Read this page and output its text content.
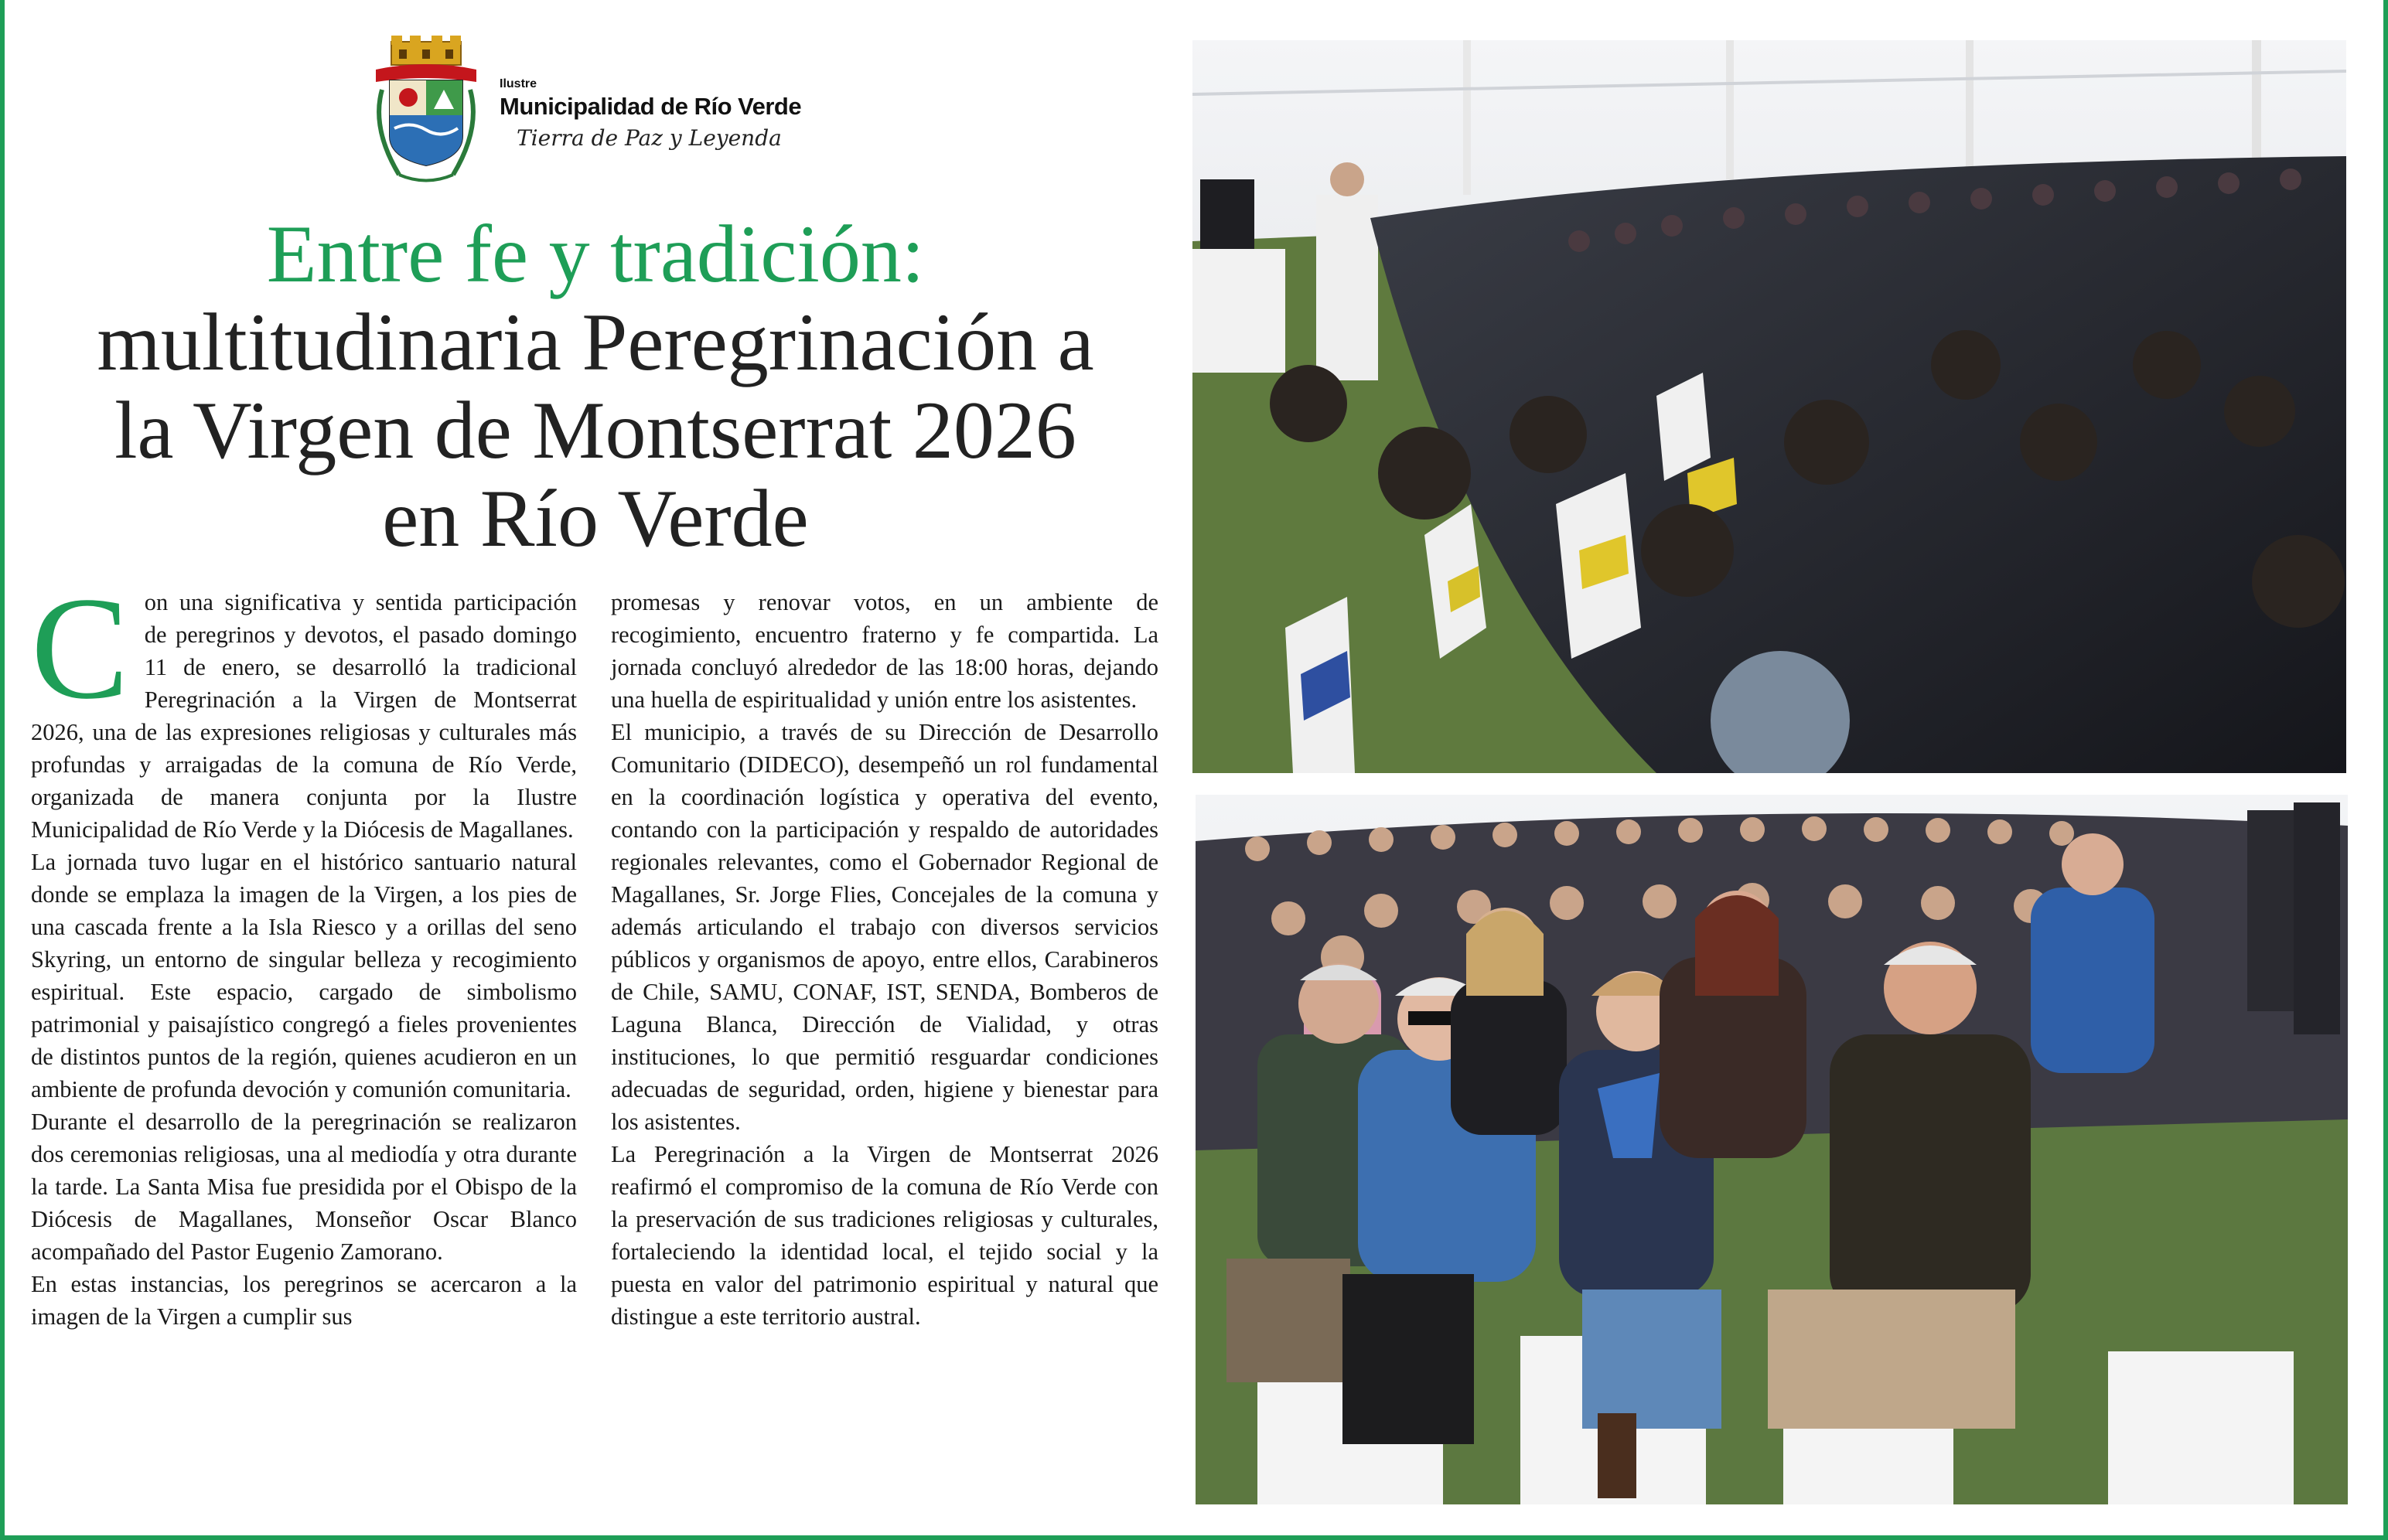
Ilustre
Municipalidad de Río Verde
Tierra de Paz y Leyenda

Entre fe y tradición:

multitudinaria Peregrinación a

la Virgen de Montserrat 2026

en Río Verde

C on una significativa y sentida participación de peregrinos y devotos, el pasado domingo 11 de enero, se desarrolló la tradicional Peregrinación a la Virgen de Montserrat 2026, una de las expresiones religiosas y culturales más profundas y arraigadas de la comuna de Río Verde, organizada de manera conjunta por la Ilustre Municipalidad de Río Verde y la Diócesis de Magallanes.

La jornada tuvo lugar en el histórico santuario natural donde se emplaza la imagen de la Virgen, a los pies de una cascada frente a la Isla Riesco y a orillas del seno Skyring, un entorno de singular belleza y recogimiento espiritual. Este espacio, cargado de simbolismo patrimonial y paisajístico congregó a fieles provenientes de distintos puntos de la región, quienes acudieron en un ambiente de profunda devoción y comunión comunitaria.

Durante el desarrollo de la peregrinación se realizaron dos ceremonias religiosas, una al mediodía y otra durante la tarde. La Santa Misa fue presidida por el Obispo de la Diócesis de Magallanes, Monseñor Oscar Blanco acompañado del Pastor Eugenio Zamorano.

En estas instancias, los peregrinos se acercaron a la imagen de la Virgen a cumplir sus

promesas y renovar votos, en un ambiente de recogimiento, encuentro fraterno y fe compartida. La jornada concluyó alrededor de las 18:00 horas, dejando una huella de espiritualidad y unión entre los asistentes.

El municipio, a través de su Dirección de Desarrollo Comunitario (DIDECO), desempeñó un rol fundamental en la coordinación logística y operativa del evento, contando con la participación y respaldo de autoridades regionales relevantes, como el Gobernador Regional de Magallanes, Sr. Jorge Flies, Concejales de la comuna y además articulando el trabajo con diversos servicios públicos y organismos de apoyo, entre ellos, Carabineros de Chile, SAMU, CONAF, IST, SENDA, Bomberos de Laguna Blanca, Dirección de Vialidad, y otras instituciones, lo que permitió resguardar condiciones adecuadas de seguridad, orden, higiene y bienestar para los asistentes.

La Peregrinación a la Virgen de Montserrat 2026 reafirmó el compromiso de la comuna de Río Verde con la preservación de sus tradiciones religiosas y culturales, fortaleciendo la identidad local, el tejido social y la puesta en valor del patrimonio espiritual y natural que distingue a este territorio austral.
